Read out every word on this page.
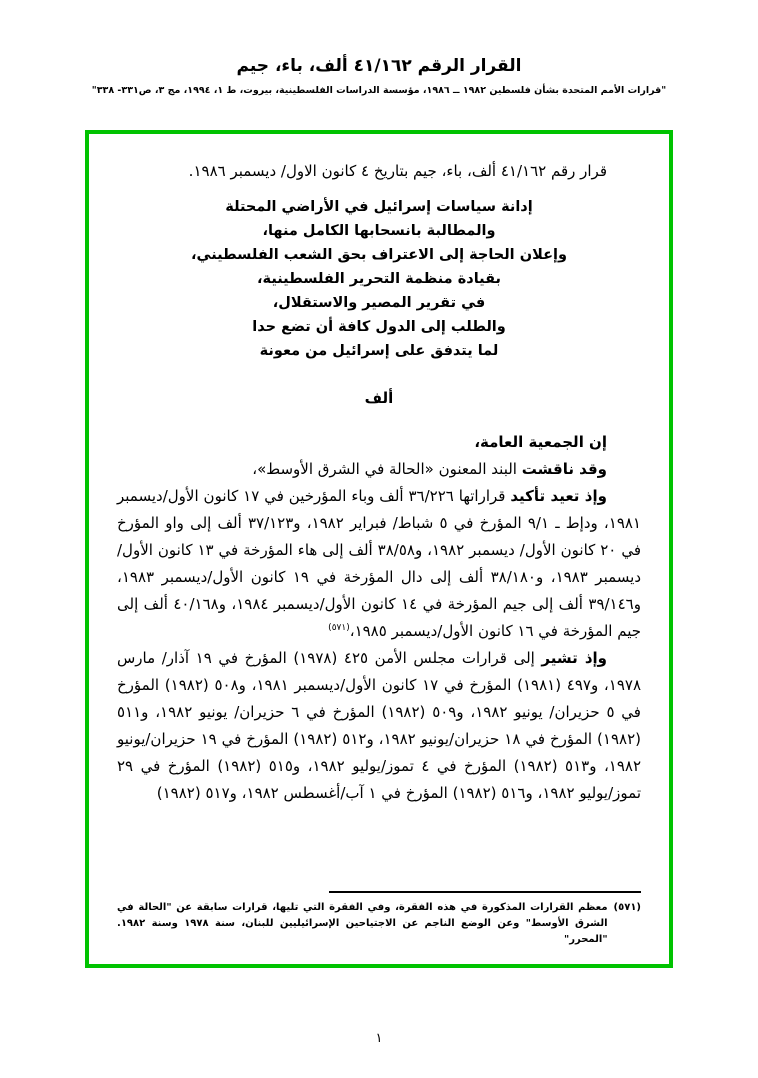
القرار الرقم ٤١/١٦٢ ألف، باء، جيم
"قرارات الأمم المتحدة بشأن فلسطين ١٩٨٢ ــ ١٩٨٦، مؤسسة الدراسات الفلسطينية، بيروت، ط ١، ١٩٩٤، مج ٣، ص٣٣١- ٣٣٨"

قرار رقم ٤١/١٦٢ ألف، باء، جيم بتاريخ ٤ كانون الاول/ ديسمبر ١٩٨٦.

إدانة سياسات إسرائيل في الأراضي المحتلة
والمطالبة بانسحابها الكامل منها،
وإعلان الحاجة إلى الاعتراف بحق الشعب الفلسطيني،
بقيادة منظمة التحرير الفلسطينية،
في تقرير المصير والاستقلال،
والطلب إلى الدول كافة أن تضع حدا
لما يتدفق على إسرائيل من معونة
ألف

إن الجمعية العامة،

وقد ناقشت البند المعنون «الحالة في الشرق الأوسط»،

وإذ تعيد تأكيد قراراتها ٣٦/٢٢٦ ألف وباء المؤرخين في ١٧ كانون الأول/ديسمبر ١٩٨١، ودإط ـ ٩/١ المؤرخ في ٥ شباط/ فبراير ١٩٨٢، و٣٧/١٢٣ ألف إلى واو المؤرخ في ٢٠ كانون الأول/ ديسمبر ١٩٨٢، و٣٨/٥٨ ألف إلى هاء المؤرخة في ١٣ كانون الأول/ديسمبر ١٩٨٣، و٣٨/١٨٠ ألف إلى دال المؤرخة في ١٩ كانون الأول/ديسمبر ١٩٨٣، و٣٩/١٤٦ ألف إلى جيم المؤرخة في ١٤ كانون الأول/ديسمبر ١٩٨٤، و٤٠/١٦٨ ألف إلى جيم المؤرخة في ١٦ كانون الأول/ديسمبر ١٩٨٥،$^{(٥٧١)}$

وإذ تشير إلى قرارات مجلس الأمن ٤٢٥ (١٩٧٨) المؤرخ في ١٩ آذار/ مارس ١٩٧٨، و٤٩٧ (١٩٨١) المؤرخ في ١٧ كانون الأول/ديسمبر ١٩٨١، و٥٠٨ (١٩٨٢) المؤرخ في ٥ حزيران/ يونيو ١٩٨٢، و٥٠٩ (١٩٨٢) المؤرخ في ٦ حزيران/ يونيو ١٩٨٢، و٥١١ (١٩٨٢) المؤرخ في ١٨ حزيران/يونيو ١٩٨٢، و٥١٢ (١٩٨٢) المؤرخ في ١٩ حزيران/يونيو ١٩٨٢، و٥١٣ (١٩٨٢) المؤرخ في ٤ تموز/يوليو ١٩٨٢، و٥١٥ (١٩٨٢) المؤرخ في ٢٩ تموز/يوليو ١٩٨٢، و٥١٦ (١٩٨٢) المؤرخ في ١ آب/أغسطس ١٩٨٢، و٥١٧ (١٩٨٢)

(٥٧١)
معظم القرارات المذكورة في هذه الفقرة، وفي الفقرة التي تليها، قرارات سابقة عن "الحالة في الشرق الأوسط" وعن الوضع الناجم عن الاجتياحين الإسرائيليين للبنان، سنة ١٩٧٨ وسنة ١٩٨٢. "المحرر"
١
